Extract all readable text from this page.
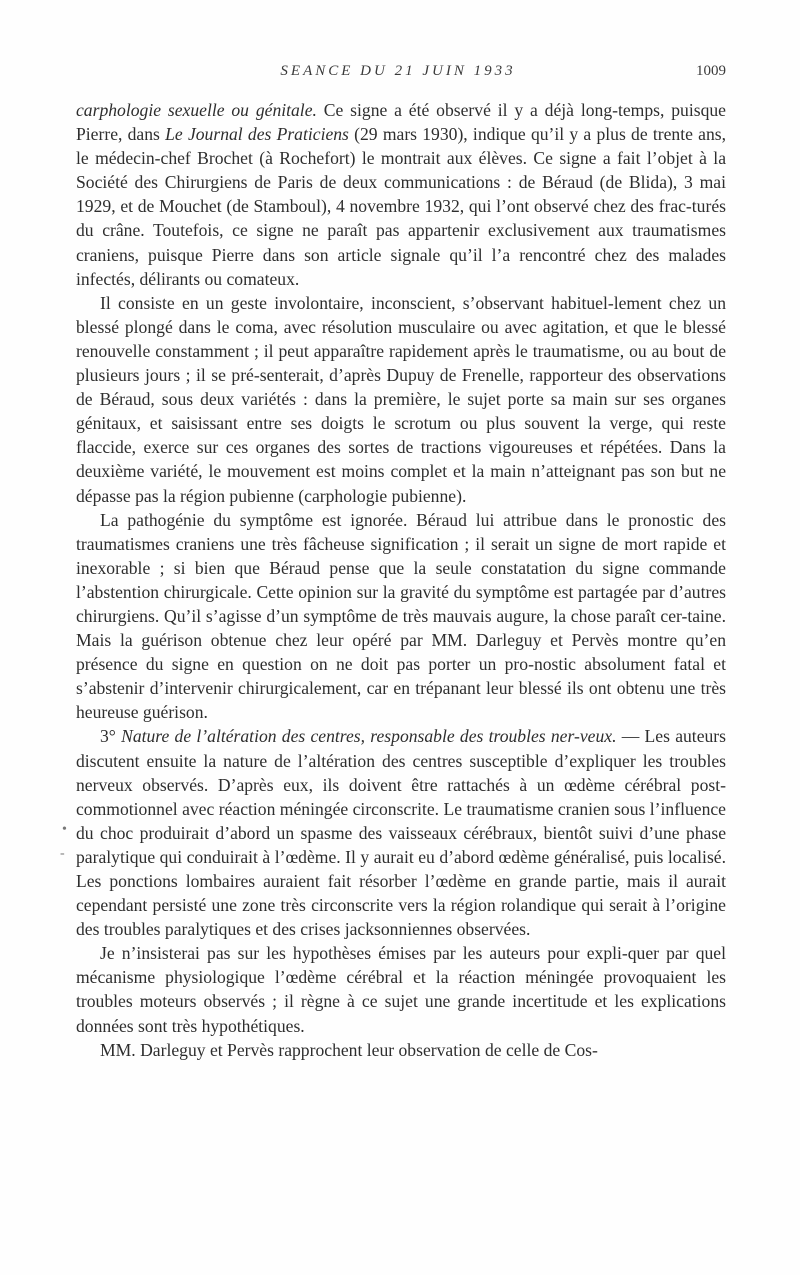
SEANCE DU 21 JUIN 1933	1009
•
-

carphologie sexuelle ou génitale. Ce signe a été observé il y a déjà long-temps, puisque Pierre, dans Le Journal des Praticiens (29 mars 1930), indique qu’il y a plus de trente ans, le médecin-chef Brochet (à Rochefort) le montrait aux élèves. Ce signe a fait l’objet à la Société des Chirurgiens de Paris de deux communications : de Béraud (de Blida), 3 mai 1929, et de Mouchet (de Stamboul), 4 novembre 1932, qui l’ont observé chez des frac-turés du crâne. Toutefois, ce signe ne paraît pas appartenir exclusivement aux traumatismes craniens, puisque Pierre dans son article signale qu’il l’a rencontré chez des malades infectés, délirants ou comateux.

Il consiste en un geste involontaire, inconscient, s’observant habituel-lement chez un blessé plongé dans le coma, avec résolution musculaire ou avec agitation, et que le blessé renouvelle constamment ; il peut apparaître rapidement après le traumatisme, ou au bout de plusieurs jours ; il se pré-senterait, d’après Dupuy de Frenelle, rapporteur des observations de Béraud, sous deux variétés : dans la première, le sujet porte sa main sur ses organes génitaux, et saisissant entre ses doigts le scrotum ou plus souvent la verge, qui reste flaccide, exerce sur ces organes des sortes de tractions vigoureuses et répétées. Dans la deuxième variété, le mouvement est moins complet et la main n’atteignant pas son but ne dépasse pas la région pubienne (carphologie pubienne).

La pathogénie du symptôme est ignorée. Béraud lui attribue dans le pronostic des traumatismes craniens une très fâcheuse signification ; il serait un signe de mort rapide et inexorable ; si bien que Béraud pense que la seule constatation du signe commande l’abstention chirurgicale. Cette opinion sur la gravité du symptôme est partagée par d’autres chirurgiens. Qu’il s’agisse d’un symptôme de très mauvais augure, la chose paraît cer-taine. Mais la guérison obtenue chez leur opéré par MM. Darleguy et Pervès montre qu’en présence du signe en question on ne doit pas porter un pro-nostic absolument fatal et s’abstenir d’intervenir chirurgicalement, car en trépanant leur blessé ils ont obtenu une très heureuse guérison.

3° Nature de l’altération des centres, responsable des troubles ner-veux. — Les auteurs discutent ensuite la nature de l’altération des centres susceptible d’expliquer les troubles nerveux observés. D’après eux, ils doivent être rattachés à un œdème cérébral post-commotionnel avec réaction méningée circonscrite. Le traumatisme cranien sous l’influence du choc produirait d’abord un spasme des vaisseaux cérébraux, bientôt suivi d’une phase paralytique qui conduirait à l’œdème. Il y aurait eu d’abord œdème généralisé, puis localisé. Les ponctions lombaires auraient fait résorber l’œdème en grande partie, mais il aurait cependant persisté une zone très circonscrite vers la région rolandique qui serait à l’origine des troubles paralytiques et des crises jacksonniennes observées.

Je n’insisterai pas sur les hypothèses émises par les auteurs pour expli-quer par quel mécanisme physiologique l’œdème cérébral et la réaction méningée provoquaient les troubles moteurs observés ; il règne à ce sujet une grande incertitude et les explications données sont très hypothétiques.

MM. Darleguy et Pervès rapprochent leur observation de celle de Cos-
